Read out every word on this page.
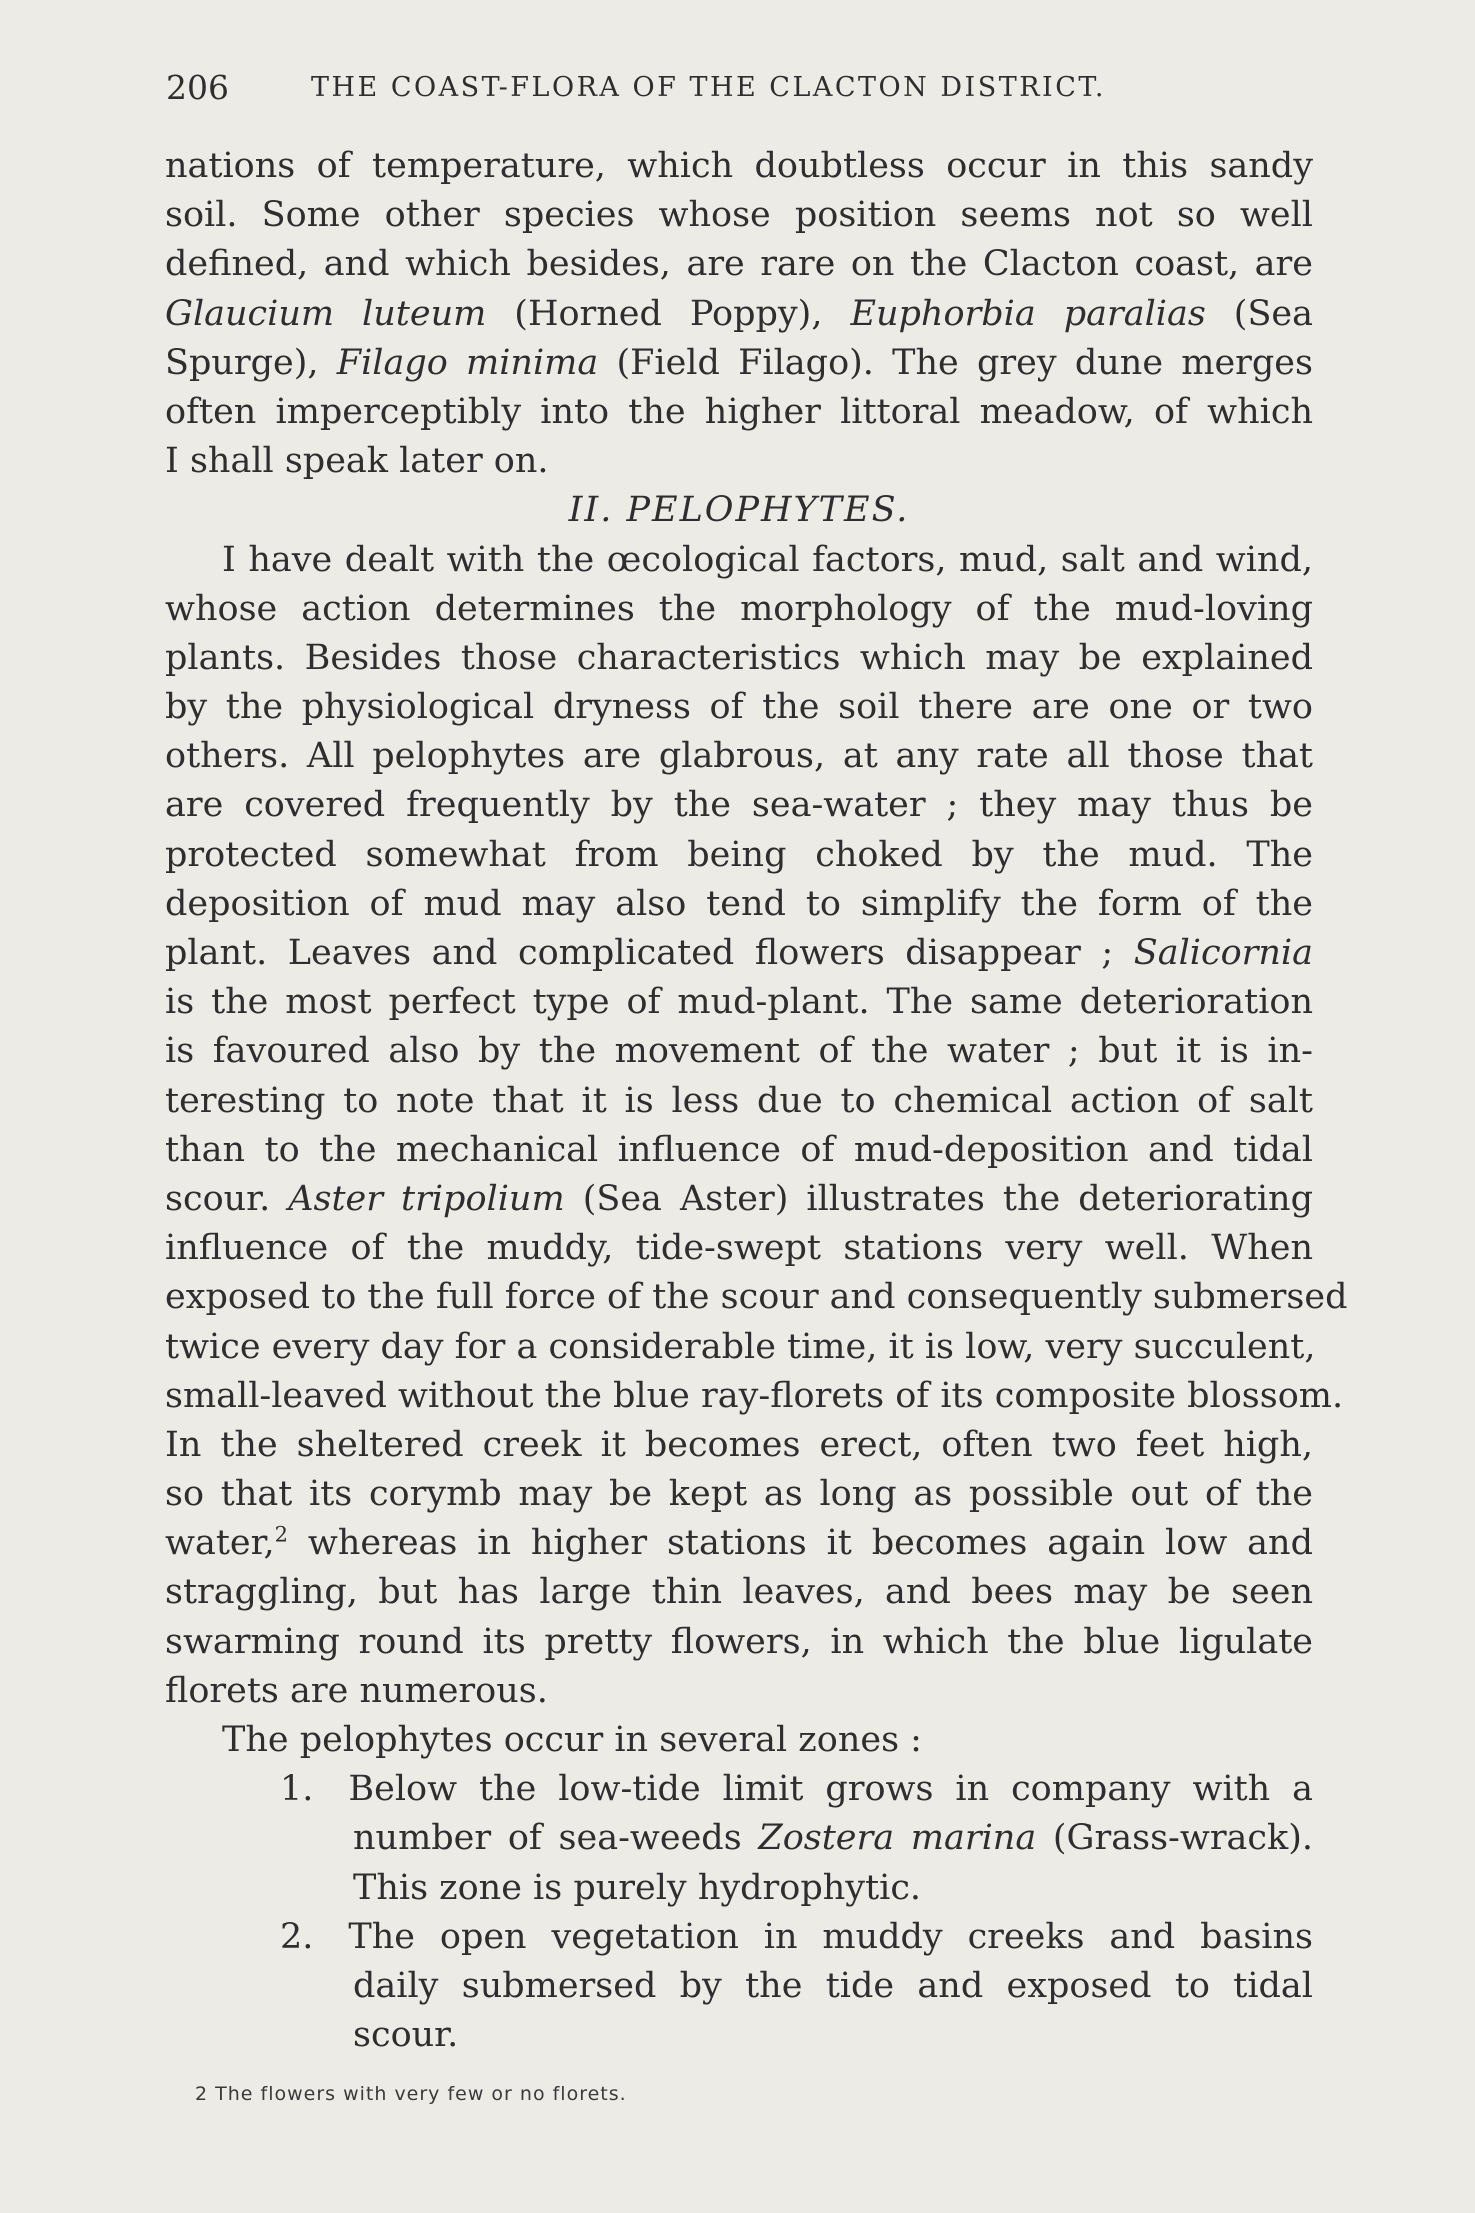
206	THE COAST-FLORA OF THE CLACTON DISTRICT.
nations of temperature, which doubtless occur in this sandy
soil. Some other species whose position seems not so well
defined, and which besides, are rare on the Clacton coast, are
Glaucium luteum (Horned Poppy), Euphorbia paralias (Sea
Spurge), Filago minima (Field Filago). The grey dune merges
often imperceptibly into the higher littoral meadow, of which
I shall speak later on.
II. PELOPHYTES.
I have dealt with the œcological factors, mud, salt and wind,
whose action determines the morphology of the mud-loving
plants. Besides those characteristics which may be explained
by the physiological dryness of the soil there are one or two
others. All pelophytes are glabrous, at any rate all those that
are covered frequently by the sea-water ; they may thus be
protected somewhat from being choked by the mud. The
deposition of mud may also tend to simplify the form of the
plant. Leaves and complicated flowers disappear ; Salicornia
is the most perfect type of mud-plant. The same deterioration
is favoured also by the movement of the water ; but it is in-
teresting to note that it is less due to chemical action of salt
than to the mechanical influence of mud-deposition and tidal
scour. Aster tripolium (Sea Aster) illustrates the deteriorating
influence of the muddy, tide-swept stations very well. When
exposed to the full force of the scour and consequently submersed
twice every day for a considerable time, it is low, very succulent,
small-leaved without the blue ray-florets of its composite blossom.
In the sheltered creek it becomes erect, often two feet high,
so that its corymb may be kept as long as possible out of the
water,$^2$ whereas in higher stations it becomes again low and
straggling, but has large thin leaves, and bees may be seen
swarming round its pretty flowers, in which the blue ligulate
florets are numerous.
The pelophytes occur in several zones :
1. Below the low-tide limit grows in company with a
number of sea-weeds Zostera marina (Grass-wrack).
This zone is purely hydrophytic.
2. The open vegetation in muddy creeks and basins
daily submersed by the tide and exposed to tidal
scour.
2 The flowers with very few or no florets.
